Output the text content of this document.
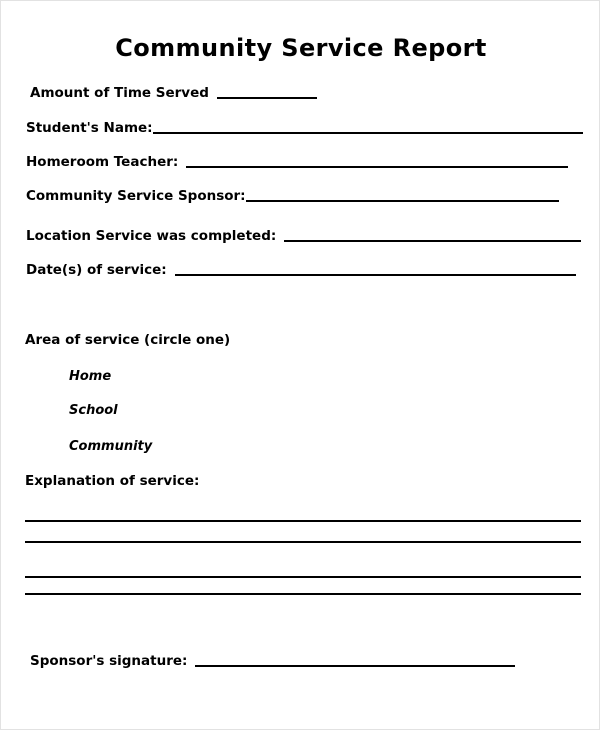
Community Service Report
Amount of Time Served
Student's Name:
Homeroom Teacher:
Community Service Sponsor:
Location Service was completed:
Date(s) of service:
Area of service (circle one)
Home
School
Community
Explanation of service:
Sponsor's signature:
